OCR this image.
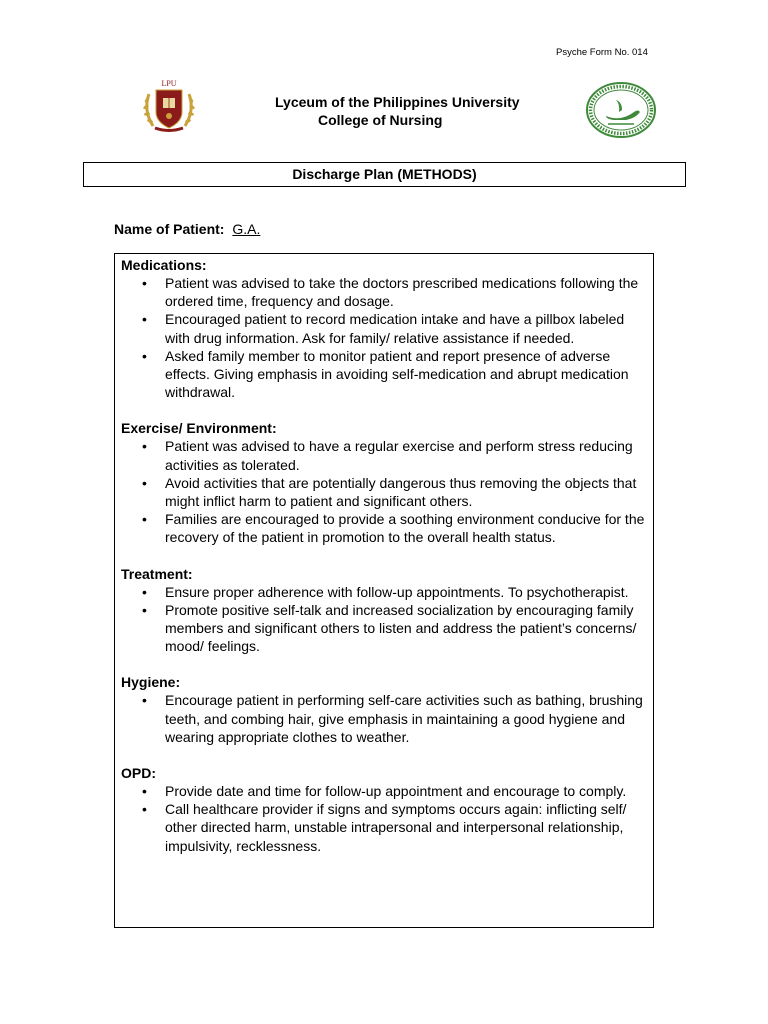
Psyche Form No. 014
LPU
Lyceum of the Philippines University
College of Nursing
Discharge Plan (METHODS)
Name of Patient: G.A.
Medications:
• Patient was advised to take the doctors prescribed medications following the ordered time, frequency and dosage.
• Encouraged patient to record medication intake and have a pillbox labeled with drug information. Ask for family/ relative assistance if needed.
• Asked family member to monitor patient and report presence of adverse effects. Giving emphasis in avoiding self-medication and abrupt medication withdrawal.
Exercise/ Environment:
• Patient was advised to have a regular exercise and perform stress reducing activities as tolerated.
• Avoid activities that are potentially dangerous thus removing the objects that might inflict harm to patient and significant others.
• Families are encouraged to provide a soothing environment conducive for the recovery of the patient in promotion to the overall health status.
Treatment:
• Ensure proper adherence with follow-up appointments. To psychotherapist.
• Promote positive self-talk and increased socialization by encouraging family members and significant others to listen and address the patient’s concerns/ mood/ feelings.
Hygiene:
• Encourage patient in performing self-care activities such as bathing, brushing teeth, and combing hair, give emphasis in maintaining a good hygiene and wearing appropriate clothes to weather.
OPD:
• Provide date and time for follow-up appointment and encourage to comply.
• Call healthcare provider if signs and symptoms occurs again: inflicting self/ other directed harm, unstable intrapersonal and interpersonal relationship, impulsivity, recklessness.
